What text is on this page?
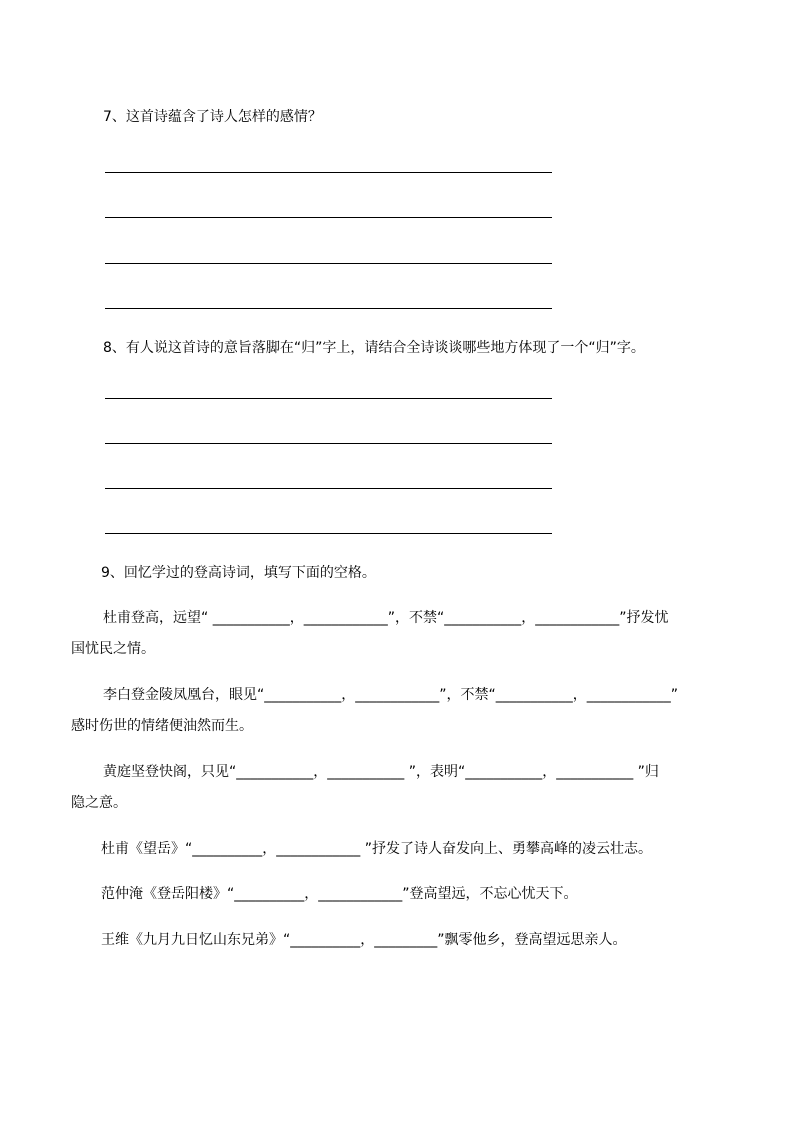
7、这首诗蕴含了诗人怎样的感情？
8、有人说这首诗的意旨落脚在“归”字上，请结合全诗谈谈哪些地方体现了一个“归”字。
9、回忆学过的登高诗词，填写下面的空格。
杜甫登高，远望“ ___________，____________”，不禁“___________，____________”抒发忧
国忧民之情。
李白登金陵凤凰台，眼见“___________，____________”，不禁“___________，____________”
感时伤世的情绪便油然而生。
黄庭坚登快阁，只见“___________，___________ ”，表明“___________，___________ ”归
隐之意。
杜甫《望岳》“__________，____________ ”抒发了诗人奋发向上、勇攀高峰的凌云壮志。
范仲淹《登岳阳楼》“__________，____________”登高望远，不忘心忧天下。
王维《九月九日忆山东兄弟》“__________，_________”飘零他乡，登高望远思亲人。
